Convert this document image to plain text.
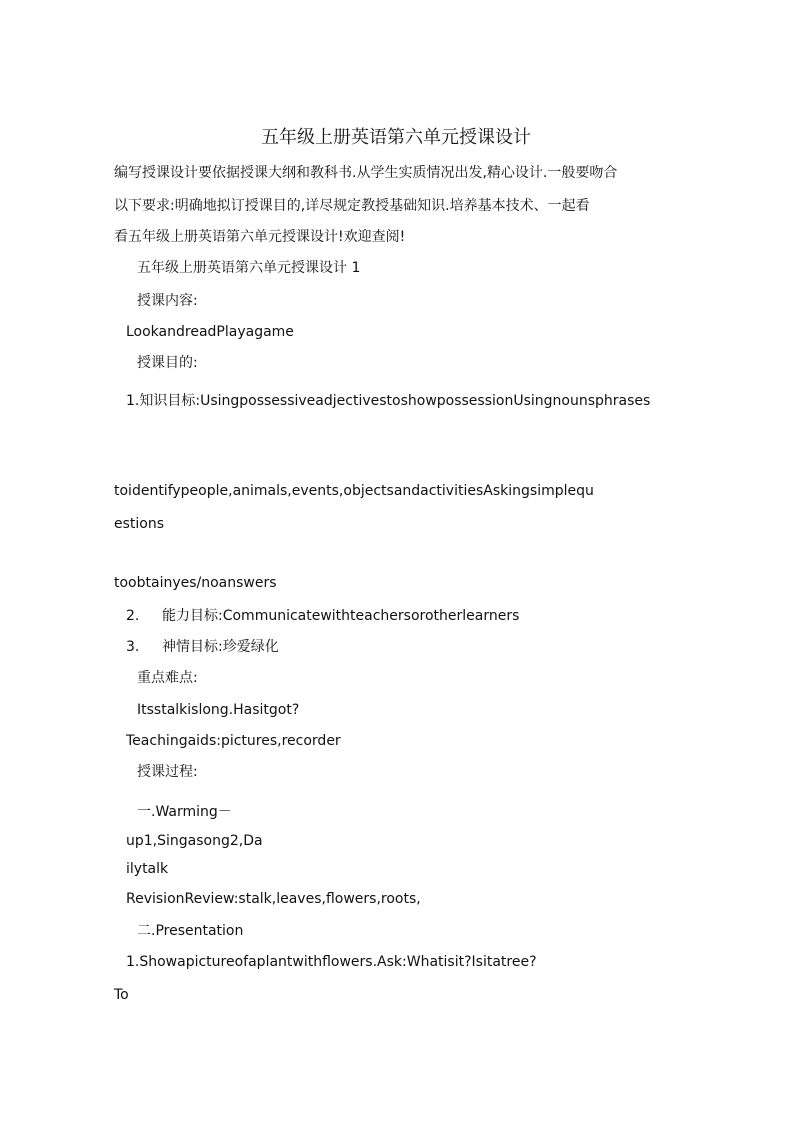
五年级上册英语第六单元授课设计
编写授课设计要依据授课大纲和教科书.从学生实质情况出发,精心设计.一般要吻合
以下要求:明确地拟订授课目的,详尽规定教授基础知识.培养基本技术、一起看
看五年级上册英语第六单元授课设计!欢迎查阅!
五年级上册英语第六单元授课设计 1
授课内容:
LookandreadPlayagame
授课目的:
1.知识目标:UsingpossessiveadjectivestoshowpossessionUsingnounsphrases
toidentifypeople,animals,events,objectsandactivitiesAskingsimplequ
estions
toobtainyes/noanswers
2. 能力目标:Communicatewithteachersorotherlearners
3. 神情目标:珍爱绿化
重点难点:
Itsstalkislong.Hasitgot?
Teachingaids:pictures,recorder
授课过程:
一.Warming－
up1,Singasong2,Da
ilytalk
RevisionReview:stalk,leaves,flowers,roots,
二.Presentation
1.Showapictureofaplantwithflowers.Ask:Whatisit?Isitatree?
To
